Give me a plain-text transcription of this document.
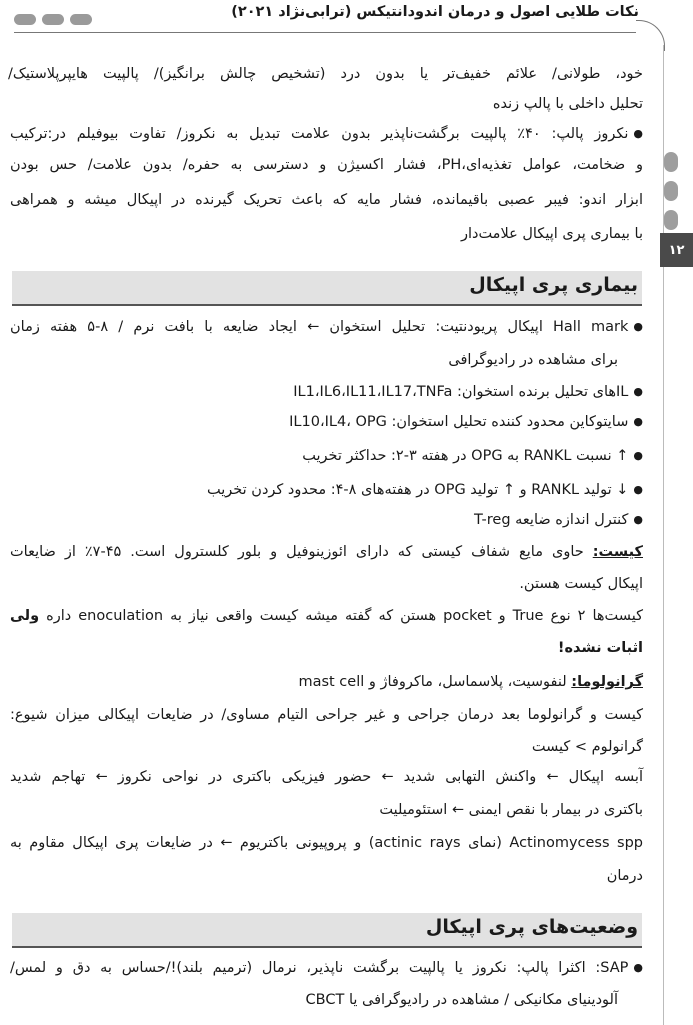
نکات طلایی اصول و درمان اندودانتیکس (ترابی‌نژاد ۲۰۲۱)
۱۲
خود، طولانی/ علائم خفیف‌تر یا بدون درد (تشخیص چالش برانگیز)/ پالپیت هایپرپلاستیک/
تحلیل داخلی با پالپ زنده
●نکروز پالپ: ۴۰٪ پالپیت برگشت‌ناپذیر بدون علامت تبدیل به نکروز/ تفاوت بیوفیلم در:ترکیب
و ضخامت، عوامل تغذیه‌ای،PH، فشار اکسیژن و دسترسی به حفره/ بدون علامت/ حس بودن
ابزار اندو: فیبر عصبی باقیمانده، فشار مایه که باعث تحریک گیرنده در اپیکال میشه و همراهی
با بیماری پری اپیکال علامت‌دار
بیماری پری اپیکال
●Hall mark اپیکال پریودنتیت: تحلیل استخوان ← ایجاد ضایعه با بافت نرم / ۸-۵ هفته زمان
برای مشاهده در رادیوگرافی
●ILها‌ی تحلیل برنده استخوان: IL1،IL6،IL11،IL17،TNFa
●سایتوکاین محدود کننده تحلیل استخوان: IL10،IL4، OPG
●↑ نسبت RANKL به OPG در هفته ۳-۲: حداکثر تخریب
●↓ تولید RANKL و ↑ تولید OPG در هفته‌های ۸-۴: محدود کردن تخریب
●کنترل اندازه ضایعه T-reg
کیست: حاوی مایع شفاف کیستی که دارای ائوزینوفیل و بلور کلسترول است. ۴۵-۷٪ از ضایعات
اپیکال کیست هستن.
کیست‌ها ۲ نوع True و pocket هستن که گفته میشه کیست واقعی نیاز به enoculation داره ولی
اثبات نشده!
گرانولوما: لنفوسیت، پلاسماسل، ماکروفاژ و mast cell
کیست و گرانولوما بعد درمان جراحی و غیر جراحی التیام مساوی/ در ضایعات اپیکالی میزان شیوع:
گرانولوم > کیست
آبسه اپیکال ← واکنش التهابی شدید ← حضور فیزیکی باکتری در نواحی نکروز ← تهاجم شدید
باکتری در بیمار با نقص ایمنی ← استئومیلیت
Actinomycess spp (نمای actinic rays) و پروپیونی باکتریوم ← در ضایعات پری اپیکال مقاوم به
درمان
وضعیت‌های پری اپیکال
●SAP: اکثرا پالپ: نکروز یا پالپیت برگشت ناپذیر، نرمال (ترمیم بلند)!/حساس به دق و لمس/
آلودینیای مکانیکی / مشاهده در رادیوگرافی یا CBCT
